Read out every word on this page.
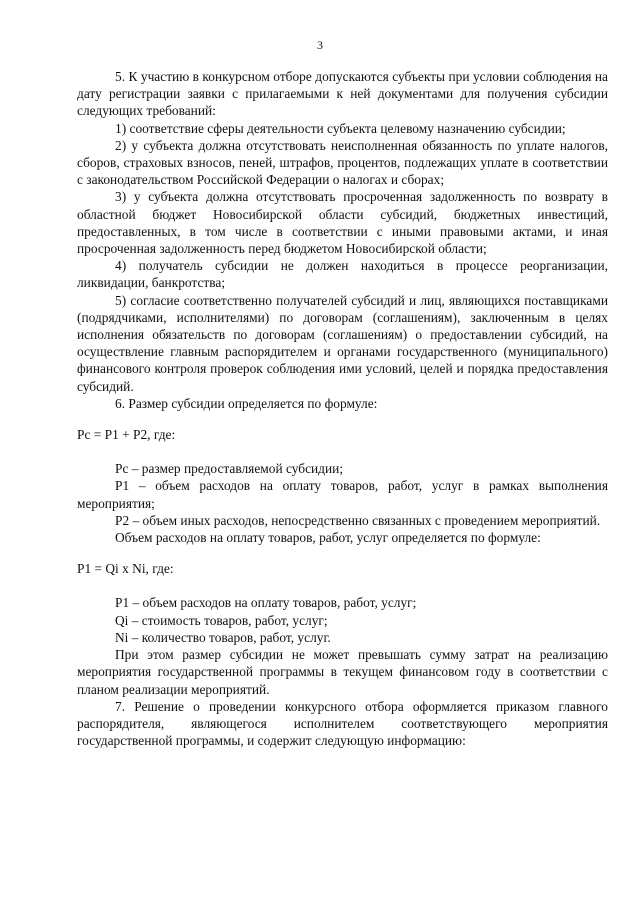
3

5. К участию в конкурсном отборе допускаются субъекты при условии соблюдения на дату регистрации заявки с прилагаемыми к ней документами для получения субсидии следующих требований:

1) соответствие сферы деятельности субъекта целевому назначению субсидии;

2) у субъекта должна отсутствовать неисполненная обязанность по уплате налогов, сборов, страховых взносов, пеней, штрафов, процентов, подлежащих уплате в соответствии с законодательством Российской Федерации о налогах и сборах;

3) у субъекта должна отсутствовать просроченная задолженность по возврату в областной бюджет Новосибирской области субсидий, бюджетных инвестиций, предоставленных, в том числе в соответствии с иными правовыми актами, и иная просроченная задолженность перед бюджетом Новосибирской области;

4) получатель субсидии не должен находиться в процессе реорганизации, ликвидации, банкротства;

5) согласие соответственно получателей субсидий и лиц, являющихся поставщиками (подрядчиками, исполнителями) по договорам (соглашениям), заключенным в целях исполнения обязательств по договорам (соглашениям) о предоставлении субсидий, на осуществление главным распорядителем и органами государственного (муниципального) финансового контроля проверок соблюдения ими условий, целей и порядка предоставления субсидий.

6. Размер субсидии определяется по формуле:

Рс = Р1 + Р2, где:

Рс – размер предоставляемой субсидии;

Р1 – объем расходов на оплату товаров, работ, услуг в рамках выполнения мероприятия;

Р2 – объем иных расходов, непосредственно связанных с проведением мероприятий.

Объем расходов на оплату товаров, работ, услуг определяется по формуле:

Р1 = Qi x Ni, где:

Р1 – объем расходов на оплату товаров, работ, услуг;

Qi – стоимость товаров, работ, услуг;

Ni – количество товаров, работ, услуг.

При этом размер субсидии не может превышать сумму затрат на реализацию мероприятия государственной программы в текущем финансовом году в соответствии с планом реализации мероприятий.

7. Решение о проведении конкурсного отбора оформляется приказом главного распорядителя, являющегося исполнителем соответствующего мероприятия государственной программы, и содержит следующую информацию:
